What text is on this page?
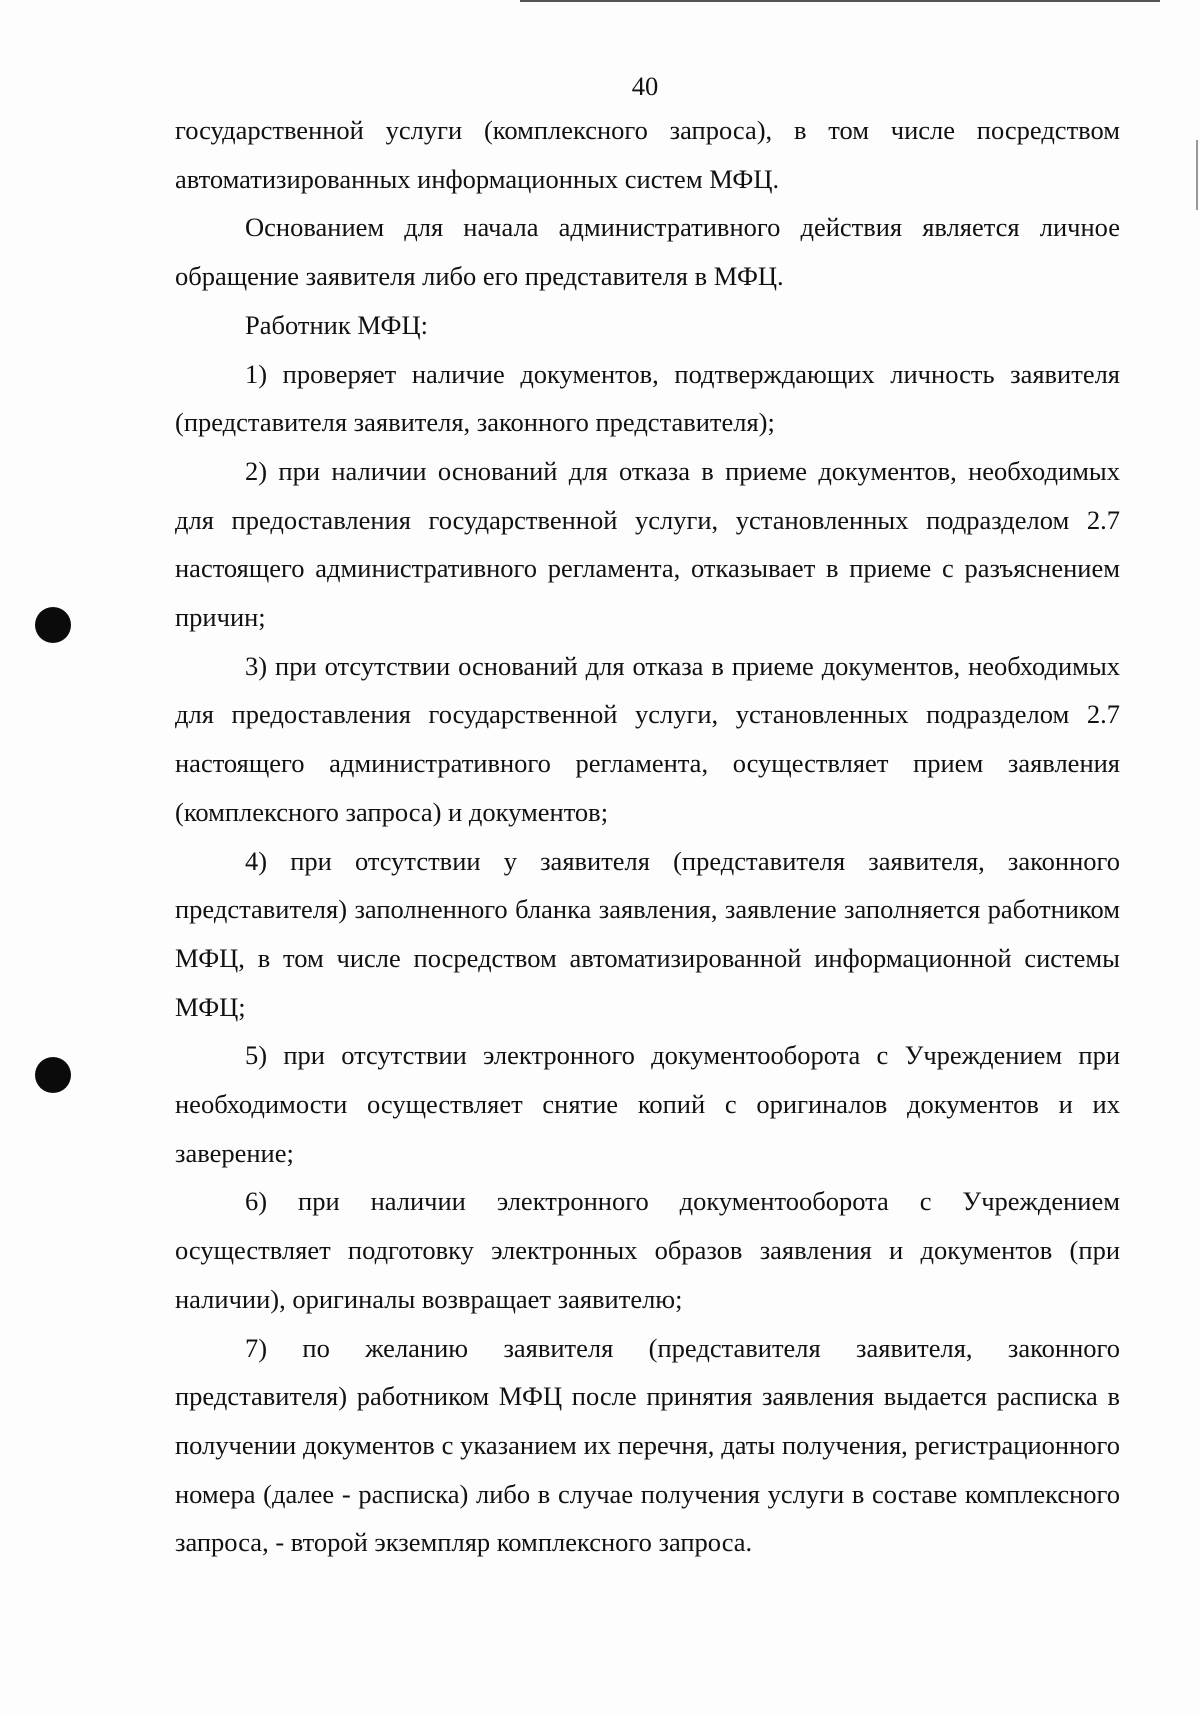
40

государственной услуги (комплексного запроса), в том числе посредством автоматизированных информационных систем МФЦ.

Основанием для начала административного действия является личное обращение заявителя либо его представителя в МФЦ.

Работник МФЦ:

1) проверяет наличие документов, подтверждающих личность заявителя (представителя заявителя, законного представителя);

2) при наличии оснований для отказа в приеме документов, необходимых для предоставления государственной услуги, установленных подразделом 2.7 настоящего административного регламента, отказывает в приеме с разъяснением причин;

3) при отсутствии оснований для отказа в приеме документов, необходимых для предоставления государственной услуги, установленных подразделом 2.7 настоящего административного регламента, осуществляет прием заявления (комплексного запроса) и документов;

4) при отсутствии у заявителя (представителя заявителя, законного представителя) заполненного бланка заявления, заявление заполняется работником МФЦ, в том числе посредством автоматизированной информационной системы МФЦ;

5) при отсутствии электронного документооборота с Учреждением при необходимости осуществляет снятие копий с оригиналов документов и их заверение;

6) при наличии электронного документооборота с Учреждением осуществляет подготовку электронных образов заявления и документов (при наличии), оригиналы возвращает заявителю;

7) по желанию заявителя (представителя заявителя, законного представителя) работником МФЦ после принятия заявления выдается расписка в получении документов с указанием их перечня, даты получения, регистрационного номера (далее - расписка) либо в случае получения услуги в составе комплексного запроса, - второй экземпляр комплексного запроса.
